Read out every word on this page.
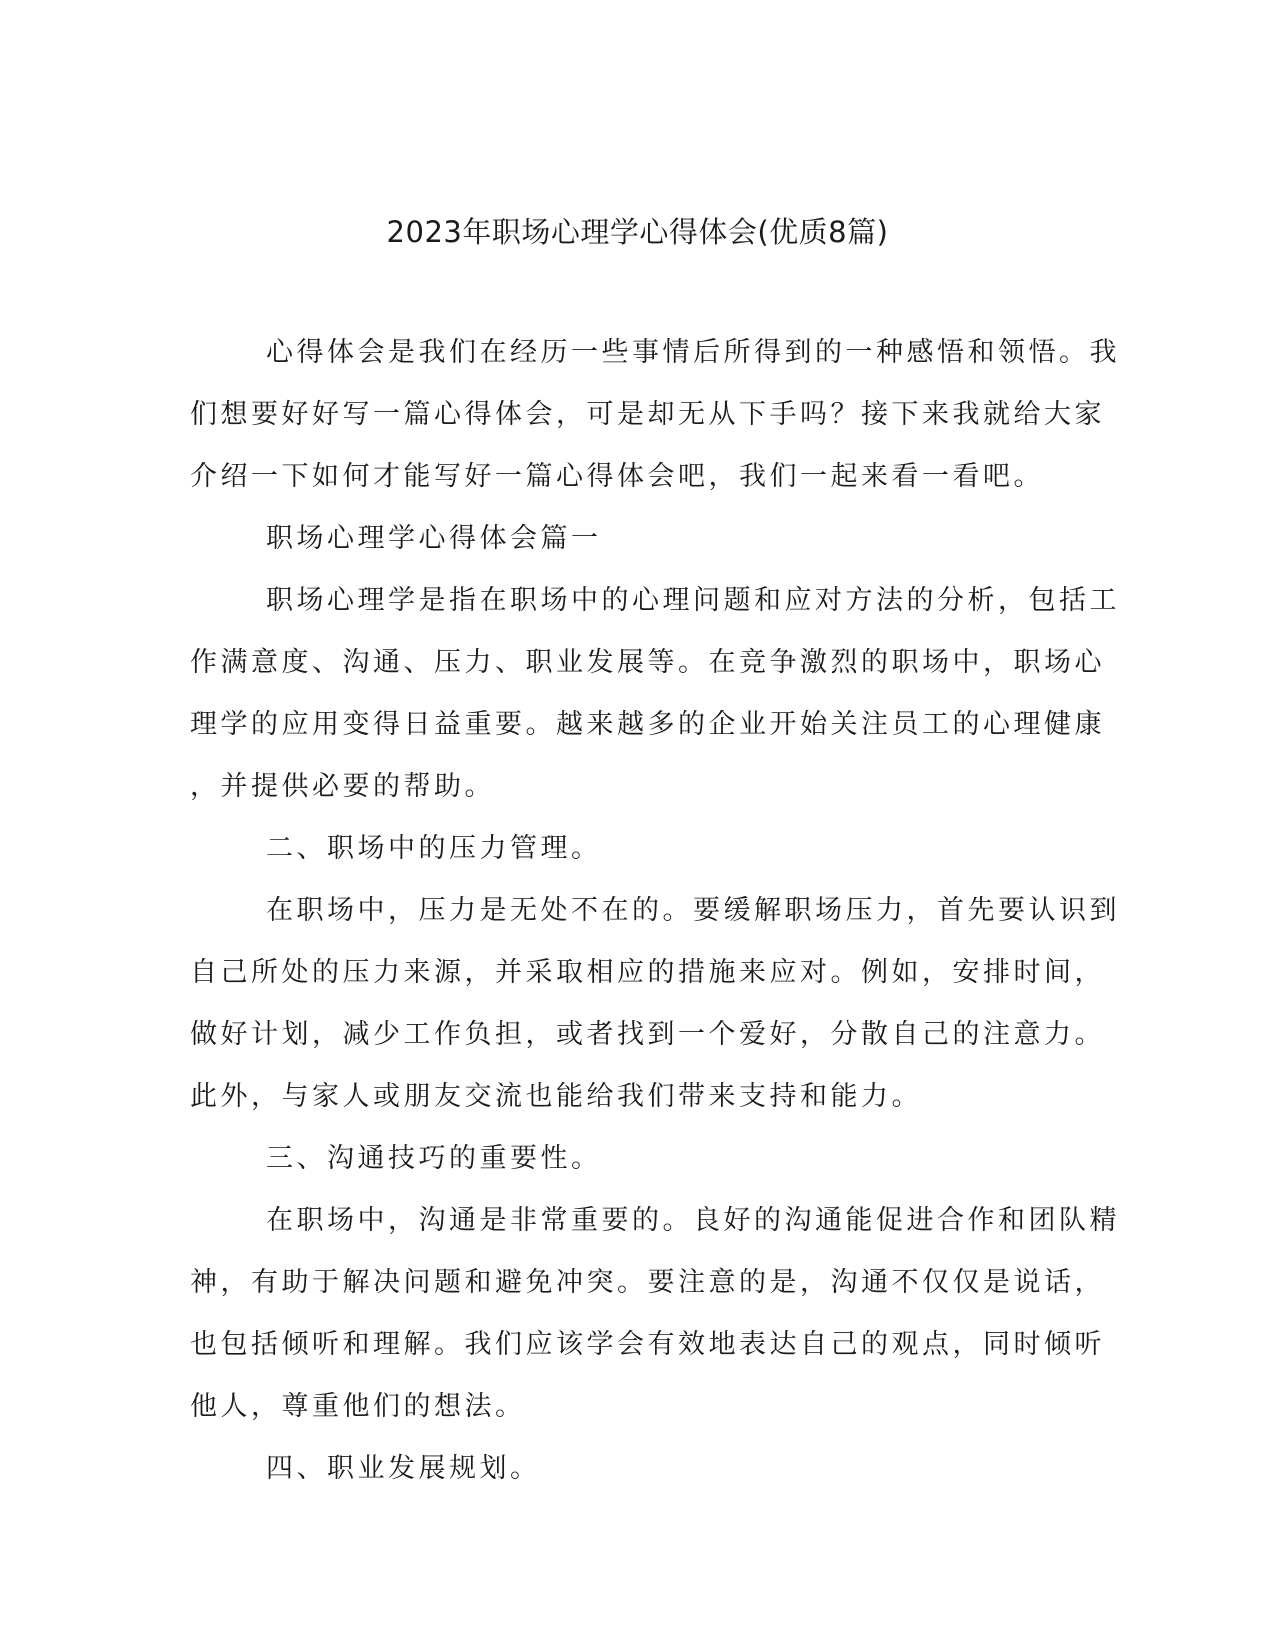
2023年职场心理学心得体会(优质8篇)
心得体会是我们在经历一些事情后所得到的一种感悟和领悟。我
们想要好好写一篇心得体会，可是却无从下手吗？接下来我就给大家
介绍一下如何才能写好一篇心得体会吧，我们一起来看一看吧。
职场心理学心得体会篇一
职场心理学是指在职场中的心理问题和应对方法的分析，包括工
作满意度、沟通、压力、职业发展等。在竞争激烈的职场中，职场心
理学的应用变得日益重要。越来越多的企业开始关注员工的心理健康
，并提供必要的帮助。
二、职场中的压力管理。
在职场中，压力是无处不在的。要缓解职场压力，首先要认识到
自己所处的压力来源，并采取相应的措施来应对。例如，安排时间，
做好计划，减少工作负担，或者找到一个爱好，分散自己的注意力。
此外，与家人或朋友交流也能给我们带来支持和能力。
三、沟通技巧的重要性。
在职场中，沟通是非常重要的。良好的沟通能促进合作和团队精
神，有助于解决问题和避免冲突。要注意的是，沟通不仅仅是说话，
也包括倾听和理解。我们应该学会有效地表达自己的观点，同时倾听
他人，尊重他们的想法。
四、职业发展规划。
